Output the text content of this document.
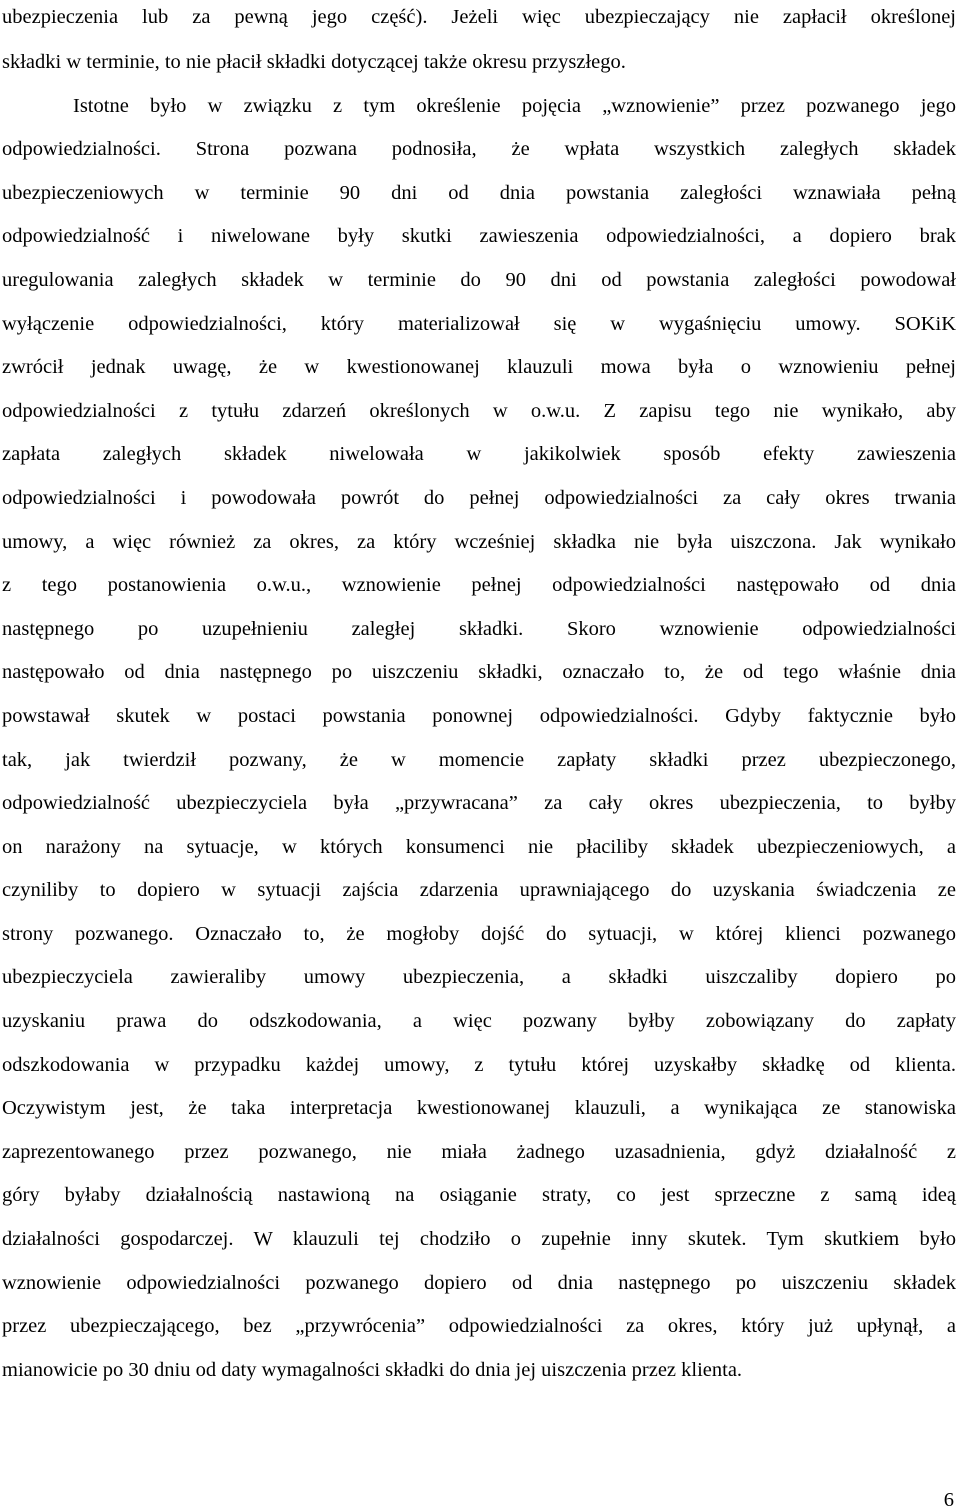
ubezpieczenia lub za pewną jego część). Jeżeli więc ubezpieczający nie zapłacił określonej
składki w terminie, to nie płacił składki dotyczącej także okresu przyszłego.
Istotne było w związku z tym określenie pojęcia „wznowienie” przez pozwanego jego
odpowiedzialności. Strona pozwana podnosiła, że wpłata wszystkich zaległych składek
ubezpieczeniowych w terminie 90 dni od dnia powstania zaległości wznawiała pełną
odpowiedzialność i niwelowane były skutki zawieszenia odpowiedzialności, a dopiero brak
uregulowania zaległych składek w terminie do 90 dni od powstania zaległości powodował
wyłączenie odpowiedzialności, który materializował się w wygaśnięciu umowy. SOKiK
zwrócił jednak uwagę, że w kwestionowanej klauzuli mowa była o wznowieniu pełnej
odpowiedzialności z tytułu zdarzeń określonych w o.w.u. Z zapisu tego nie wynikało, aby
zapłata zaległych składek niwelowała w jakikolwiek sposób efekty zawieszenia
odpowiedzialności i powodowała powrót do pełnej odpowiedzialności za cały okres trwania
umowy, a więc również za okres, za który wcześniej składka nie była uiszczona. Jak wynikało
z tego postanowienia o.w.u., wznowienie pełnej odpowiedzialności następowało od dnia
następnego po uzupełnieniu zaległej składki. Skoro wznowienie odpowiedzialności
następowało od dnia następnego po uiszczeniu składki, oznaczało to, że od tego właśnie dnia
powstawał skutek w postaci powstania ponownej odpowiedzialności. Gdyby faktycznie było
tak, jak twierdził pozwany, że w momencie zapłaty składki przez ubezpieczonego,
odpowiedzialność ubezpieczyciela była „przywracana” za cały okres ubezpieczenia, to byłby
on narażony na sytuacje, w których konsumenci nie płaciliby składek ubezpieczeniowych, a
czyniliby to dopiero w sytuacji zajścia zdarzenia uprawniającego do uzyskania świadczenia ze
strony pozwanego. Oznaczało to, że mogłoby dojść do sytuacji, w której klienci pozwanego
ubezpieczyciela zawieraliby umowy ubezpieczenia, a składki uiszczaliby dopiero po
uzyskaniu prawa do odszkodowania, a więc pozwany byłby zobowiązany do zapłaty
odszkodowania w przypadku każdej umowy, z tytułu której uzyskałby składkę od klienta.
Oczywistym jest, że taka interpretacja kwestionowanej klauzuli, a wynikająca ze stanowiska
zaprezentowanego przez pozwanego, nie miała żadnego uzasadnienia, gdyż działalność z
góry byłaby działalnością nastawioną na osiąganie straty, co jest sprzeczne z samą ideą
działalności gospodarczej. W klauzuli tej chodziło o zupełnie inny skutek. Tym skutkiem było
wznowienie odpowiedzialności pozwanego dopiero od dnia następnego po uiszczeniu składek
przez ubezpieczającego, bez „przywrócenia” odpowiedzialności za okres, który już upłynął, a
mianowicie po 30 dniu od daty wymagalności składki do dnia jej uiszczenia przez klienta.
6
